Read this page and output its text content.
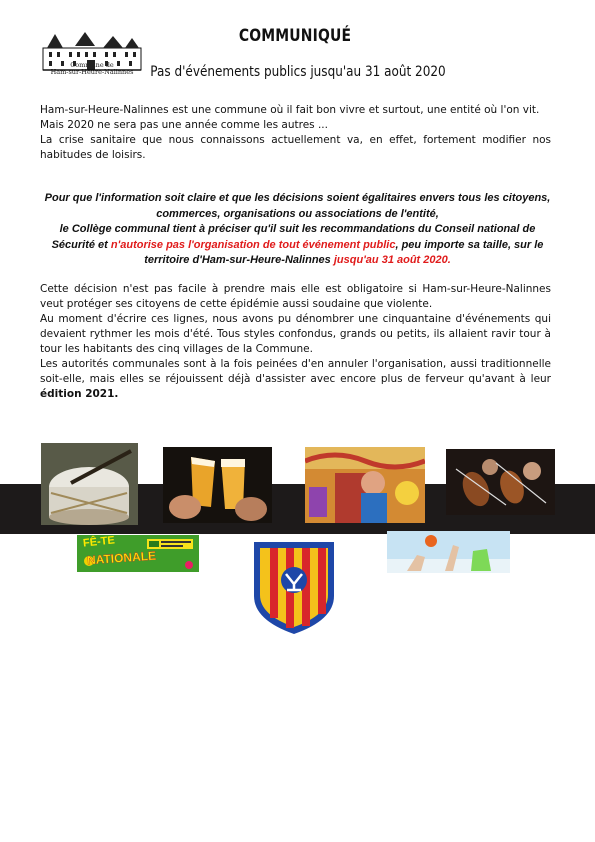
Commune de
Ham-sur-Heure-Nalinnes
COMMUNIQUÉ
Pas d'événements publics jusqu'au 31 août 2020
Ham-sur-Heure-Nalinnes est une commune où il fait bon vivre et surtout, une entité où l'on vit.
Mais 2020 ne sera pas une année comme les autres ...
La crise sanitaire que nous connaissons actuellement va, en effet, fortement modifier nos habitudes de loisirs.
Pour que l'information soit claire et que les décisions soient égalitaires envers tous les citoyens, commerces, organisations ou associations de l'entité,
le Collège communal tient à préciser qu'il suit les recommandations du Conseil national de Sécurité et n'autorise pas l'organisation de tout événement public, peu importe sa taille, sur le territoire d'Ham-sur-Heure-Nalinnes jusqu'au 31 août 2020.
Cette décision n'est pas facile à prendre mais elle est obligatoire si Ham-sur-Heure-Nalinnes veut protéger ses citoyens de cette épidémie aussi soudaine que violente.
Au moment d'écrire ces lignes, nous avons pu dénombrer une cinquantaine d'événements qui devaient rythmer les mois d'été. Tous styles confondus, grands ou petits, ils allaient ravir tour à tour les habitants des cinq villages de la Commune.
Les autorités communales sont à la fois peinées d'en annuler l'organisation, aussi traditionnelle soit-elle, mais elles se réjouissent déjà d'assister avec encore plus de ferveur qu'avant à leur édition 2021.
FÊ-TE
NATIONALE
